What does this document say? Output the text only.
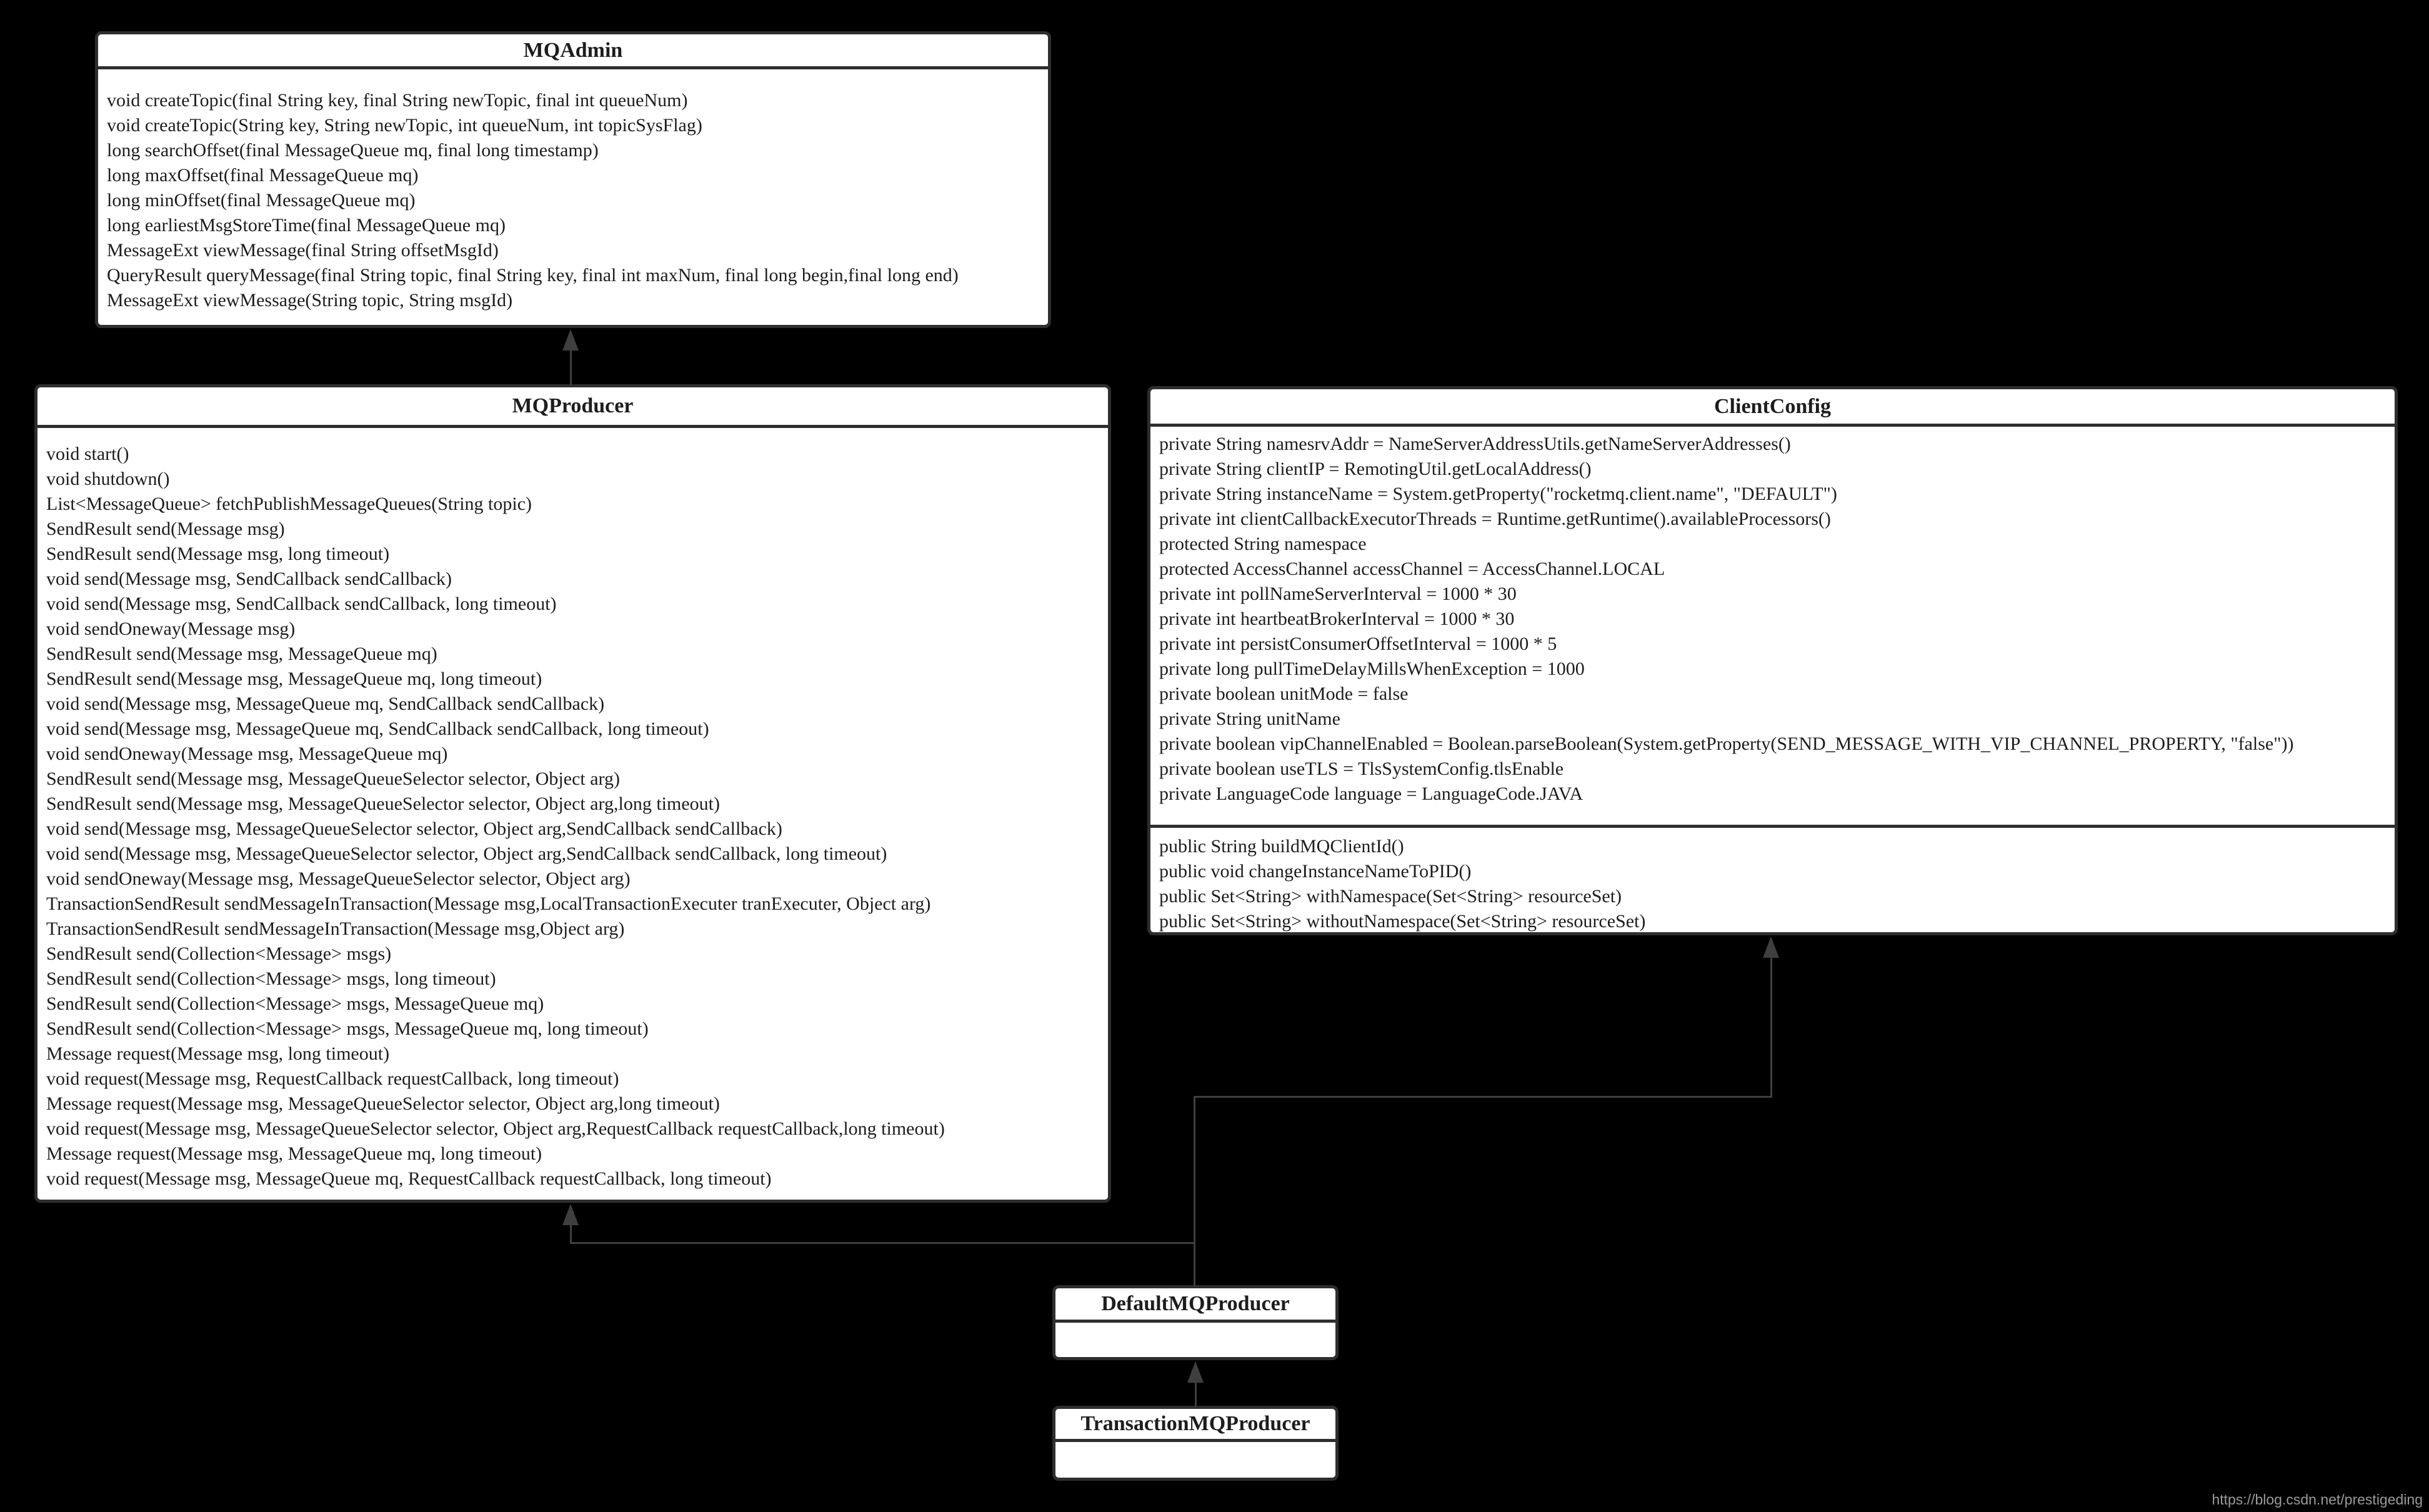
MQAdmin
void createTopic(final String key, final String newTopic, final int queueNum)
void createTopic(String key, String newTopic, int queueNum, int topicSysFlag)
long searchOffset(final MessageQueue mq, final long timestamp)
long maxOffset(final MessageQueue mq)
long minOffset(final MessageQueue mq)
long earliestMsgStoreTime(final MessageQueue mq)
MessageExt viewMessage(final String offsetMsgId)
QueryResult queryMessage(final String topic, final String key, final int maxNum, final long begin,final long end)
MessageExt viewMessage(String topic, String msgId)
MQProducer
void start()
void shutdown()
List<MessageQueue> fetchPublishMessageQueues(String topic)
SendResult send(Message msg)
SendResult send(Message msg, long timeout)
void send(Message msg, SendCallback sendCallback)
void send(Message msg, SendCallback sendCallback, long timeout)
void sendOneway(Message msg)
SendResult send(Message msg, MessageQueue mq)
SendResult send(Message msg, MessageQueue mq, long timeout)
void send(Message msg, MessageQueue mq, SendCallback sendCallback)
void send(Message msg, MessageQueue mq, SendCallback sendCallback, long timeout)
void sendOneway(Message msg, MessageQueue mq)
SendResult send(Message msg, MessageQueueSelector selector, Object arg)
SendResult send(Message msg, MessageQueueSelector selector, Object arg,long timeout)
void send(Message msg, MessageQueueSelector selector, Object arg,SendCallback sendCallback)
void send(Message msg, MessageQueueSelector selector, Object arg,SendCallback sendCallback, long timeout)
void sendOneway(Message msg, MessageQueueSelector selector, Object arg)
TransactionSendResult sendMessageInTransaction(Message msg,LocalTransactionExecuter tranExecuter, Object arg)
TransactionSendResult sendMessageInTransaction(Message msg,Object arg)
SendResult send(Collection<Message> msgs)
SendResult send(Collection<Message> msgs, long timeout)
SendResult send(Collection<Message> msgs, MessageQueue mq)
SendResult send(Collection<Message> msgs, MessageQueue mq, long timeout)
Message request(Message msg, long timeout)
void request(Message msg, RequestCallback requestCallback, long timeout)
Message request(Message msg, MessageQueueSelector selector, Object arg,long timeout)
void request(Message msg, MessageQueueSelector selector, Object arg,RequestCallback requestCallback,long timeout)
Message request(Message msg, MessageQueue mq, long timeout)
void request(Message msg, MessageQueue mq, RequestCallback requestCallback, long timeout)
ClientConfig
private String namesrvAddr = NameServerAddressUtils.getNameServerAddresses()
private String clientIP = RemotingUtil.getLocalAddress()
private String instanceName = System.getProperty("rocketmq.client.name", "DEFAULT")
private int clientCallbackExecutorThreads = Runtime.getRuntime().availableProcessors()
protected String namespace
protected AccessChannel accessChannel = AccessChannel.LOCAL
private int pollNameServerInterval = 1000 * 30
private int heartbeatBrokerInterval = 1000 * 30
private int persistConsumerOffsetInterval = 1000 * 5
private long pullTimeDelayMillsWhenException = 1000
private boolean unitMode = false
private String unitName
private boolean vipChannelEnabled = Boolean.parseBoolean(System.getProperty(SEND_MESSAGE_WITH_VIP_CHANNEL_PROPERTY, "false"))
private boolean useTLS = TlsSystemConfig.tlsEnable
private LanguageCode language = LanguageCode.JAVA
public String buildMQClientId()
public void changeInstanceNameToPID()
public Set<String> withNamespace(Set<String> resourceSet)
public Set<String> withoutNamespace(Set<String> resourceSet)
DefaultMQProducer
TransactionMQProducer
https://blog.csdn.net/prestigeding
